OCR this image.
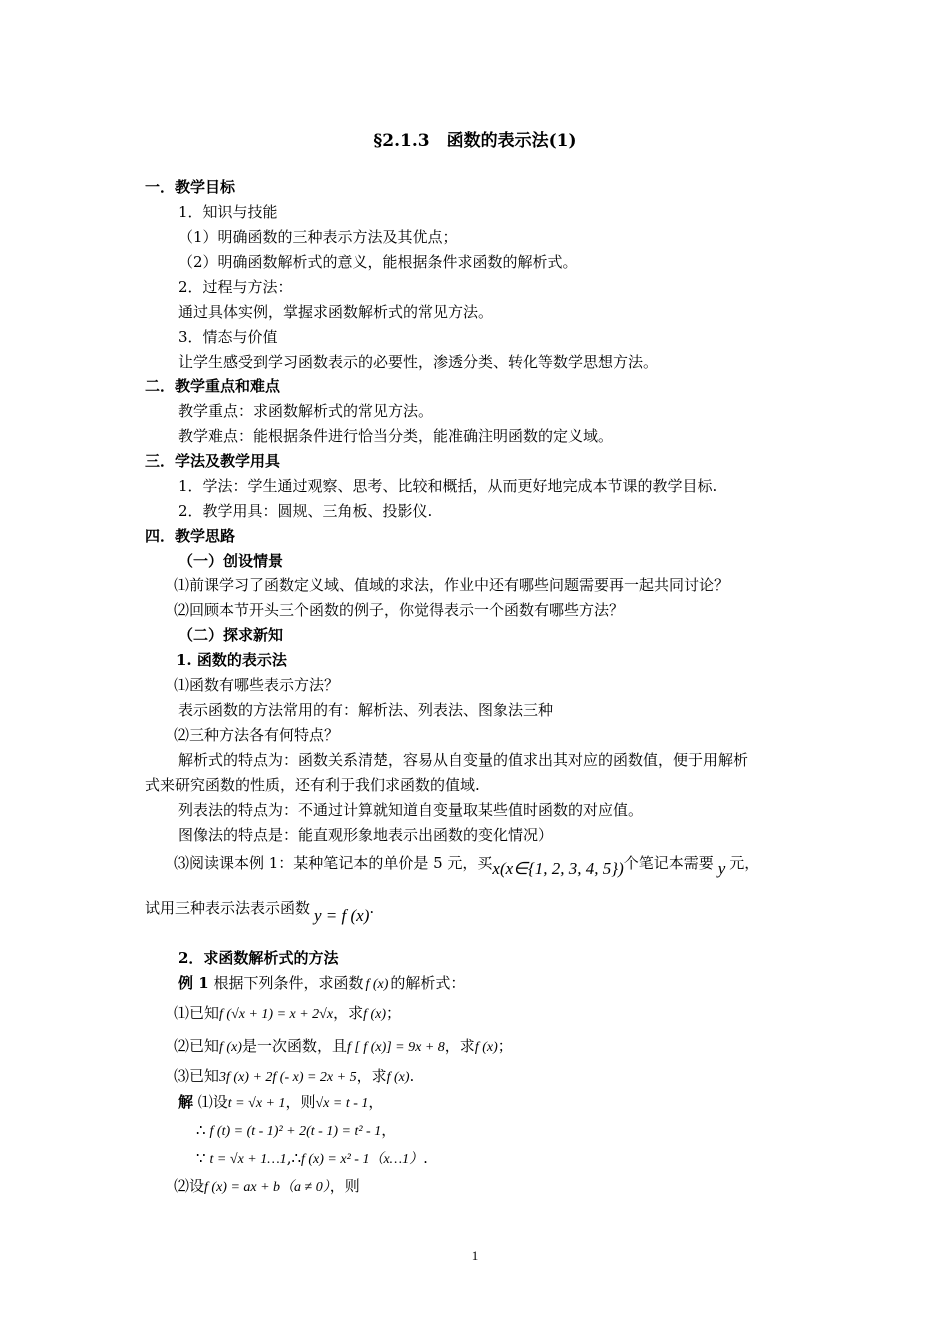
§2.1.3　函数的表示法(1)
一．教学目标
1．知识与技能
（1）明确函数的三种表示方法及其优点；
（2）明确函数解析式的意义，能根据条件求函数的解析式。
2．过程与方法：
通过具体实例，掌握求函数解析式的常见方法。
3．情态与价值
让学生感受到学习函数表示的必要性，渗透分类、转化等数学思想方法。
二．教学重点和难点
教学重点：求函数解析式的常见方法。
教学难点：能根据条件进行恰当分类，能准确注明函数的定义域。
三．学法及教学用具
1．学法：学生通过观察、思考、比较和概括，从而更好地完成本节课的教学目标.
2．教学用具：圆规、三角板、投影仪.
四．教学思路
（一）创设情景
⑴前课学习了函数定义域、值域的求法，作业中还有哪些问题需要再一起共同讨论？
⑵回顾本节开头三个函数的例子，你觉得表示一个函数有哪些方法？
（二）探求新知
1. 函数的表示法
⑴函数有哪些表示方法？
表示函数的方法常用的有：解析法、列表法、图象法三种
⑵三种方法各有何特点？
解析式的特点为：函数关系清楚，容易从自变量的值求出其对应的函数值，便于用解析
式来研究函数的性质，还有利于我们求函数的值域.
列表法的特点为：不通过计算就知道自变量取某些值时函数的对应值。
图像法的特点是：能直观形象地表示出函数的变化情况）
⑶阅读课本例 1：某种笔记本的单价是 5 元，买x(x∈{1, 2, 3, 4, 5})个笔记本需要 y 元，
试用三种表示法表示函数 y = f (x).
2．求函数解析式的方法
例 1 根据下列条件，求函数 f (x) 的解析式：
⑴已知f (√x + 1) = x + 2√x，求f (x)；
⑵已知f (x)是一次函数，且f [ f (x)] = 9x + 8，求f (x)；
⑶已知3f (x) + 2f (- x) = 2x + 5，求f (x).
解 ⑴设t = √x + 1，则√x = t - 1，
∴ f (t) = (t - 1)² + 2(t - 1) = t² - 1，
∵ t = √x + 1…1,∴f (x) = x² - 1（x…1）.
⑵设f (x) = ax + b（a ≠ 0），则
1
